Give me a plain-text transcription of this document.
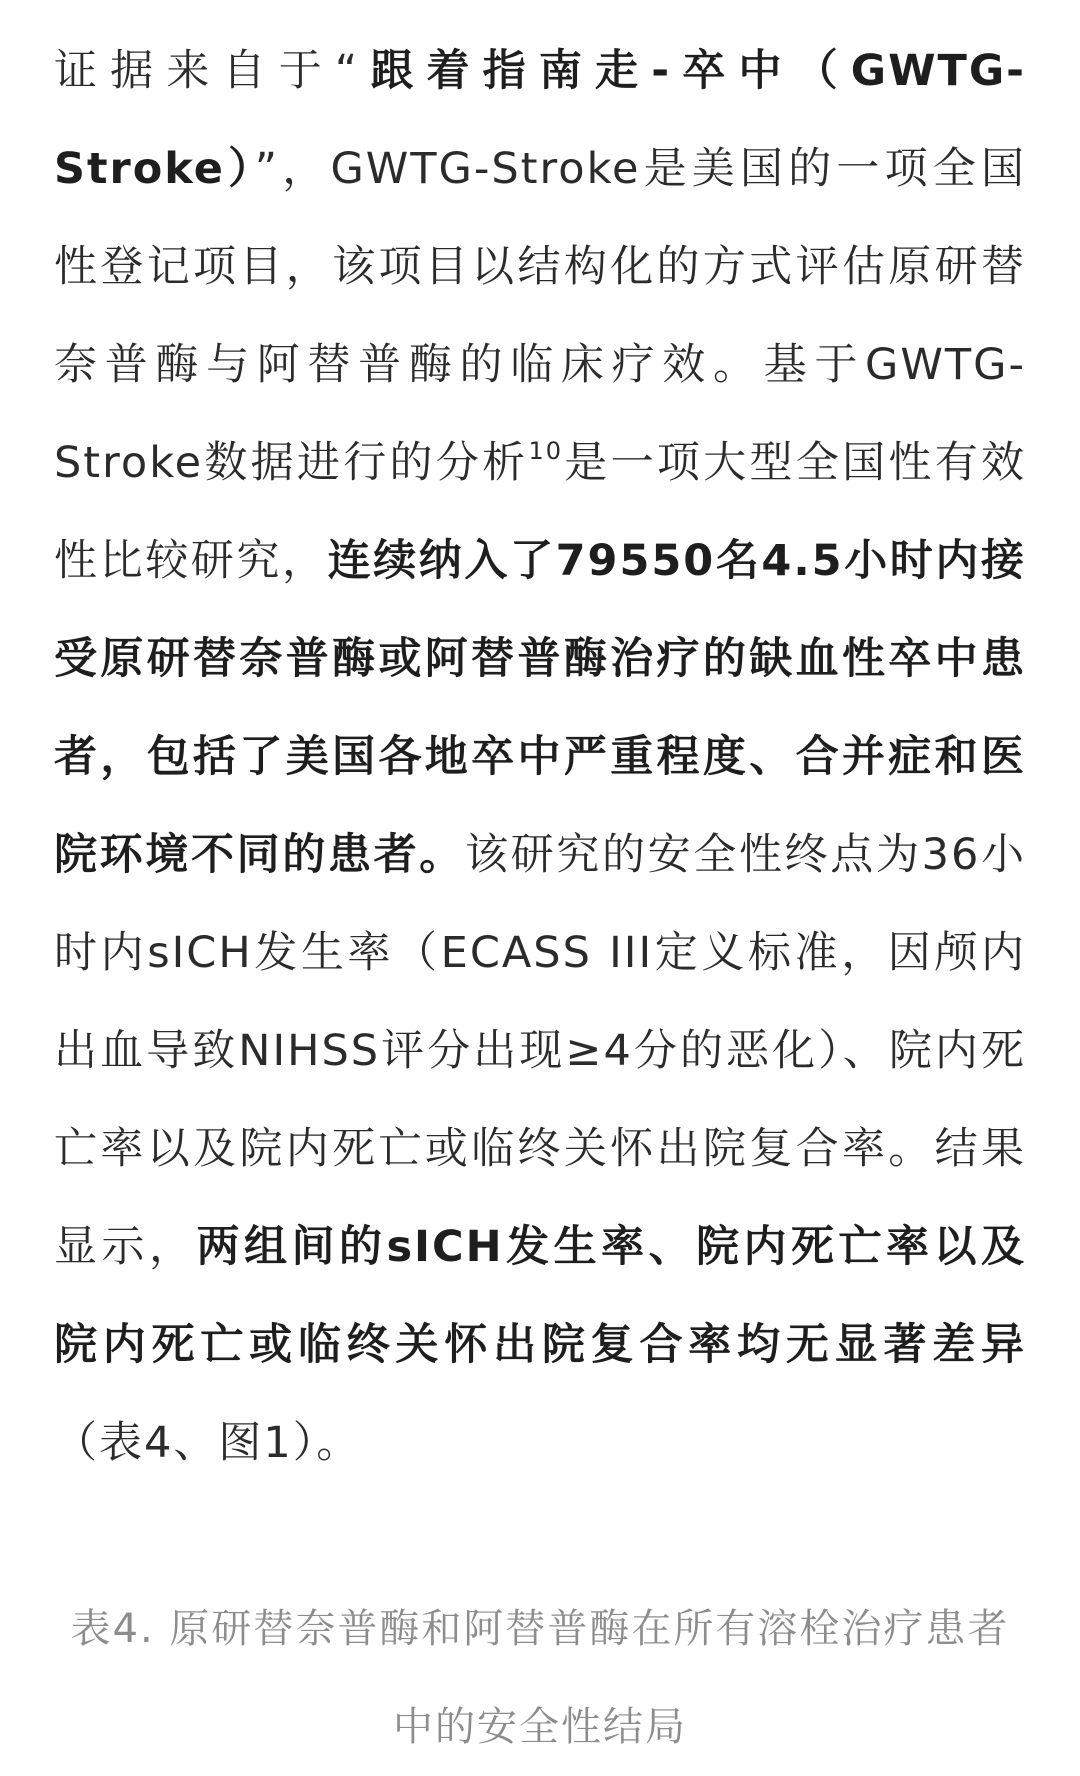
证据来自于“跟着指南走-卒中（GWTG-Stroke）”，GWTG-Stroke是美国的一项全国性登记项目，该项目以结构化的方式评估原研替奈普酶与阿替普酶的临床疗效。基于GWTG-Stroke数据进行的分析$^{10}$是一项大型全国性有效性比较研究，连续纳入了79550名4.5小时内接受原研替奈普酶或阿替普酶治疗的缺血性卒中患者，包括了美国各地卒中严重程度、合并症和医院环境不同的患者。该研究的安全性终点为36小时内sICH发生率（ECASS III定义标准，因颅内出血导致NIHSS评分出现≥4分的恶化）、院内死亡率以及院内死亡或临终关怀出院复合率。结果显示，两组间的sICH发生率、院内死亡率以及院内死亡或临终关怀出院复合率均无显著差异（表4、图1）。

表4. 原研替奈普酶和阿替普酶在所有溶栓治疗患者中的安全性结局
